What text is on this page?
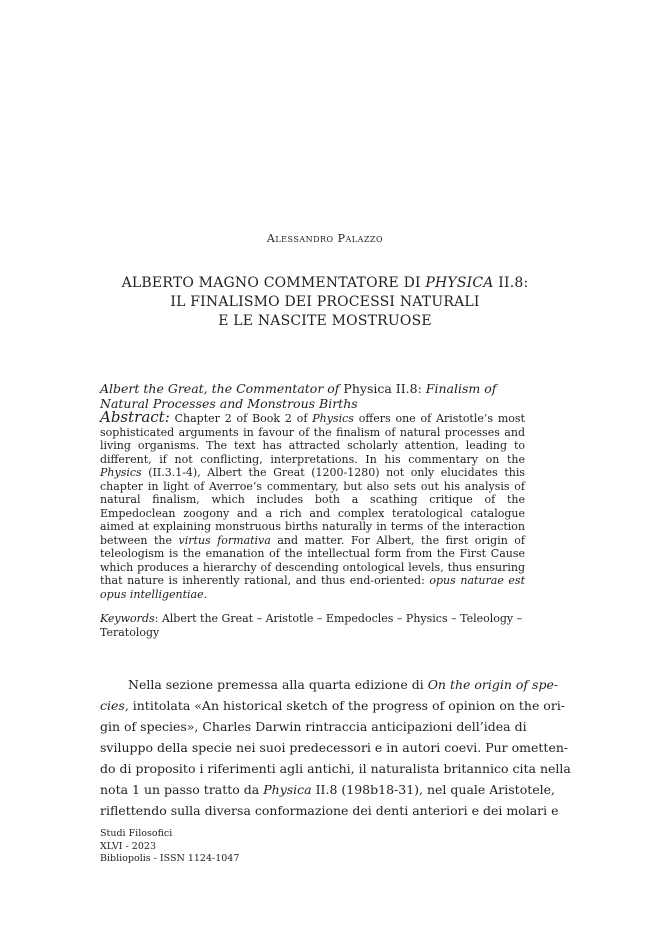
Alessandro Palazzo
ALBERTO MAGNO COMMENTATORE DI PHYSICA II.8:
IL FINALISMO DEI PROCESSI NATURALI
E LE NASCITE MOSTRUOSE
Albert the Great, the Commentator of Physica II.8: Finalism of Natural Processes and Monstrous Births
Abstract: Chapter 2 of Book 2 of Physics offers one of Aristotle’s most sophisticated arguments in favour of the finalism of natural processes and living organisms. The text has attracted scholarly attention, leading to different, if not conflicting, interpretations. In his commentary on the Physics (II.3.1-4), Albert the Great (1200-1280) not only elucidates this chapter in light of Averroe’s commentary, but also sets out his analysis of natural finalism, which includes both a scathing critique of the Empedoclean zoogony and a rich and complex teratological catalogue aimed at explaining monstruous births naturally in terms of the interaction between the virtus formativa and matter. For Albert, the first origin of teleologism is the emanation of the intellectual form from the First Cause which produces a hierarchy of descending ontological levels, thus ensuring that nature is inherently rational, and thus end-oriented: opus naturae est opus intelligentiae.
Keywords: Albert the Great – Aristotle – Empedocles – Physics – Teleology – Teratology
Nella sezione premessa alla quarta edizione di On the origin of spe-
cies, intitolata «An historical sketch of the progress of opinion on the ori-
gin of species», Charles Darwin rintraccia anticipazioni dell’idea di
sviluppo della specie nei suoi predecessori e in autori coevi. Pur ometten-
do di proposito i riferimenti agli antichi, il naturalista britannico cita nella
nota 1 un passo tratto da Physica II.8 (198b18-31), nel quale Aristotele,
riflettendo sulla diversa conformazione dei denti anteriori e dei molari e
Studi Filosofici
XLVI - 2023
Bibliopolis - ISSN 1124-1047
